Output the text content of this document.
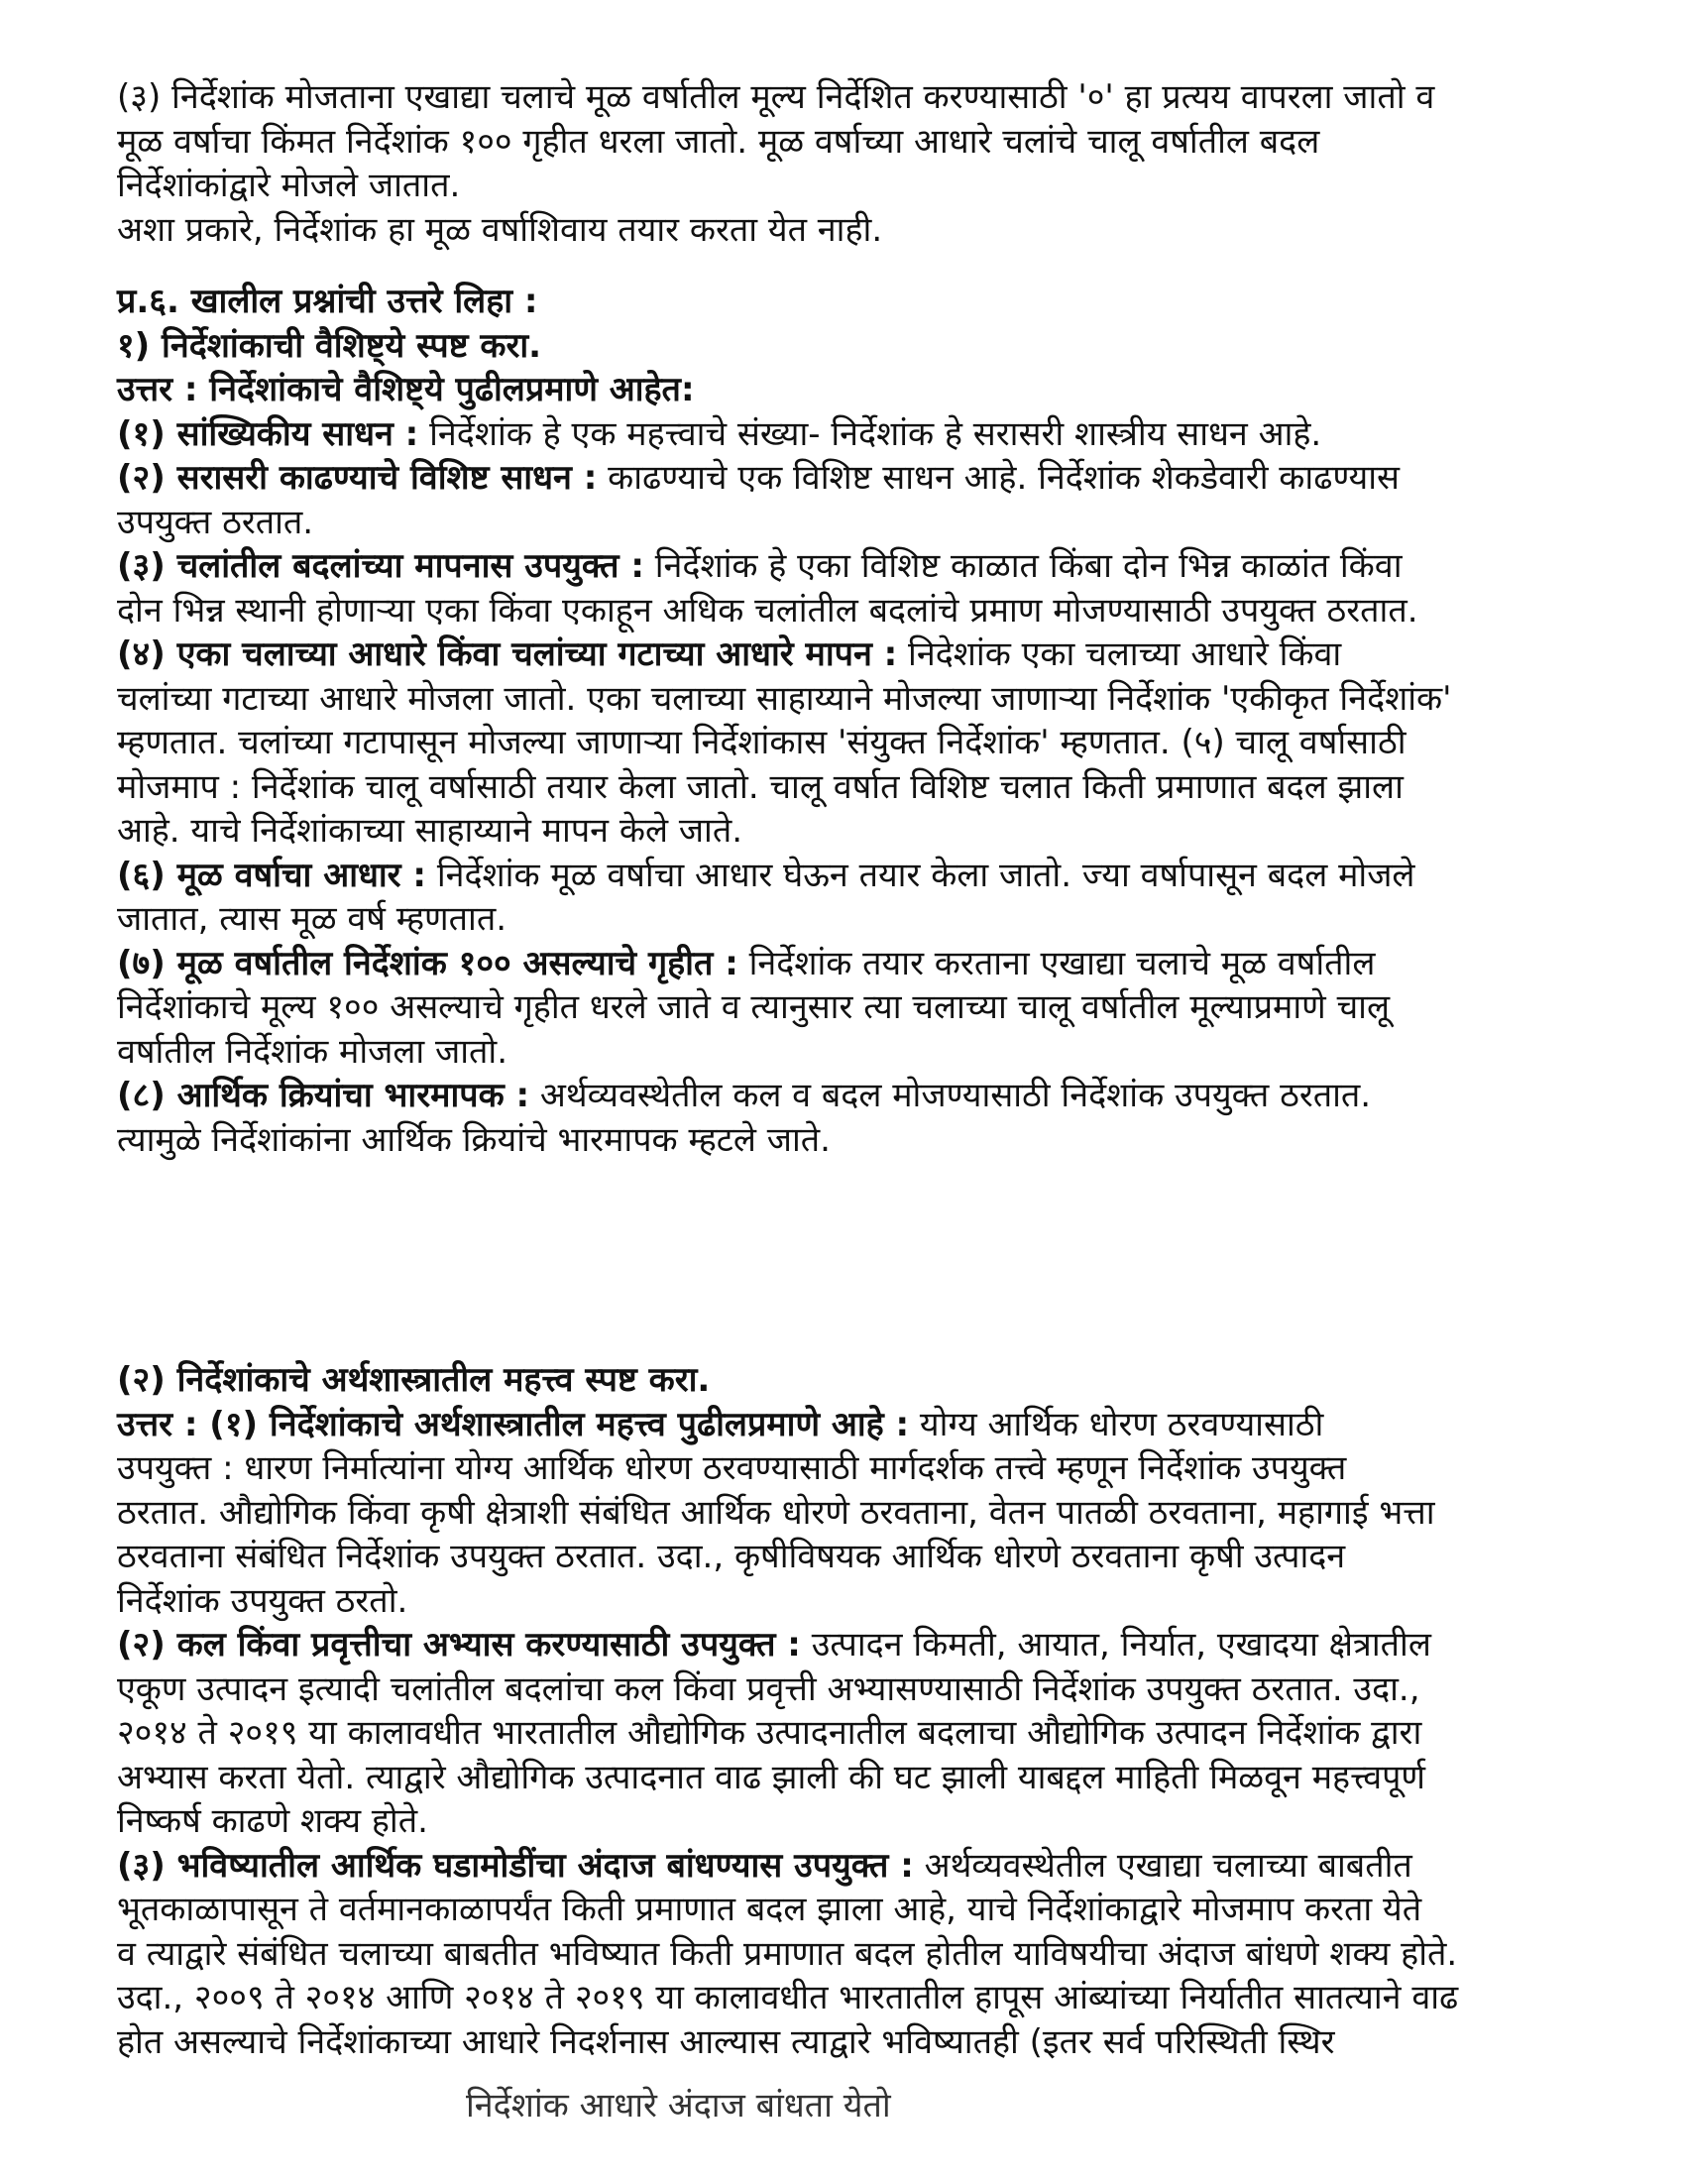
(३) निर्देशांक मोजताना एखाद्या चलाचे मूळ वर्षातील मूल्य निर्देशित करण्यासाठी '०' हा प्रत्यय वापरला जातो व

मूळ वर्षाचा किंमत निर्देशांक १०० गृहीत धरला जातो. मूळ वर्षाच्या आधारे चलांचे चालू वर्षातील बदल

निर्देशांकांद्वारे मोजले जातात.

अशा प्रकारे, निर्देशांक हा मूळ वर्षाशिवाय तयार करता येत नाही.

प्र.६. खालील प्रश्नांची उत्तरे लिहा :

१) निर्देशांकाची वैशिष्ट्ये स्पष्ट करा.

उत्तर : निर्देशांकाचे वैशिष्ट्ये पुढीलप्रमाणे आहेत:

(१) सांख्यिकीय साधन : निर्देशांक हे एक महत्त्वाचे संख्या- निर्देशांक हे सरासरी शास्त्रीय साधन आहे.

(२) सरासरी काढण्याचे विशिष्ट साधन : काढण्याचे एक विशिष्ट साधन आहे. निर्देशांक शेकडेवारी काढण्यास

उपयुक्त ठरतात.

(३) चलांतील बदलांच्या मापनास उपयुक्त : निर्देशांक हे एका विशिष्ट काळात किंबा दोन भिन्न काळांत किंवा

दोन भिन्न स्थानी होणाऱ्या एका किंवा एकाहून अधिक चलांतील बदलांचे प्रमाण मोजण्यासाठी उपयुक्त ठरतात.

(४) एका चलाच्या आधारे किंवा चलांच्या गटाच्या आधारे मापन : निदेशांक एका चलाच्या आधारे किंवा

चलांच्या गटाच्या आधारे मोजला जातो. एका चलाच्या साहाय्याने मोजल्या जाणाऱ्या निर्देशांक 'एकीकृत निर्देशांक'

म्हणतात. चलांच्या गटापासून मोजल्या जाणाऱ्या निर्देशांकास 'संयुक्त निर्देशांक' म्हणतात. (५) चालू वर्षासाठी

मोजमाप : निर्देशांक चालू वर्षासाठी तयार केला जातो. चालू वर्षात विशिष्ट चलात किती प्रमाणात बदल झाला

आहे. याचे निर्देशांकाच्या साहाय्याने मापन केले जाते.

(६) मूळ वर्षाचा आधार : निर्देशांक मूळ वर्षाचा आधार घेऊन तयार केला जातो. ज्या वर्षापासून बदल मोजले

जातात, त्यास मूळ वर्ष म्हणतात.

(७) मूळ वर्षातील निर्देशांक १०० असल्याचे गृहीत : निर्देशांक तयार करताना एखाद्या चलाचे मूळ वर्षातील

निर्देशांकाचे मूल्य १०० असल्याचे गृहीत धरले जाते व त्यानुसार त्या चलाच्या चालू वर्षातील मूल्याप्रमाणे चालू

वर्षातील निर्देशांक मोजला जातो.

(८) आर्थिक क्रियांचा भारमापक : अर्थव्यवस्थेतील कल व बदल मोजण्यासाठी निर्देशांक उपयुक्त ठरतात.

त्यामुळे निर्देशांकांना आर्थिक क्रियांचे भारमापक म्हटले जाते.

(२) निर्देशांकाचे अर्थशास्त्रातील महत्त्व स्पष्ट करा.

उत्तर : (१) निर्देशांकाचे अर्थशास्त्रातील महत्त्व पुढीलप्रमाणे आहे : योग्य आर्थिक धोरण ठरवण्यासाठी

उपयुक्त : धारण निर्मात्यांना योग्य आर्थिक धोरण ठरवण्यासाठी मार्गदर्शक तत्त्वे म्हणून निर्देशांक उपयुक्त

ठरतात. औद्योगिक किंवा कृषी क्षेत्राशी संबंधित आर्थिक धोरणे ठरवताना, वेतन पातळी ठरवताना, महागाई भत्ता

ठरवताना संबंधित निर्देशांक उपयुक्त ठरतात. उदा., कृषीविषयक आर्थिक धोरणे ठरवताना कृषी उत्पादन

निर्देशांक उपयुक्त ठरतो.

(२) कल किंवा प्रवृत्तीचा अभ्यास करण्यासाठी उपयुक्त : उत्पादन किमती, आयात, निर्यात, एखादया क्षेत्रातील

एकूण उत्पादन इत्यादी चलांतील बदलांचा कल किंवा प्रवृत्ती अभ्यासण्यासाठी निर्देशांक उपयुक्त ठरतात. उदा.,

२०१४ ते २०१९ या कालावधीत भारतातील औद्योगिक उत्पादनातील बदलाचा औद्योगिक उत्पादन निर्देशांक द्वारा

अभ्यास करता येतो. त्याद्वारे औद्योगिक उत्पादनात वाढ झाली की घट झाली याबद्दल माहिती मिळवून महत्त्वपूर्ण

निष्कर्ष काढणे शक्य होते.

(३) भविष्यातील आर्थिक घडामोडींचा अंदाज बांधण्यास उपयुक्त : अर्थव्यवस्थेतील एखाद्या चलाच्या बाबतीत

भूतकाळापासून ते वर्तमानकाळापर्यंत किती प्रमाणात बदल झाला आहे, याचे निर्देशांकाद्वारे मोजमाप करता येते

व त्याद्वारे संबंधित चलाच्या बाबतीत भविष्यात किती प्रमाणात बदल होतील याविषयीचा अंदाज बांधणे शक्य होते.

उदा., २००९ ते २०१४ आणि २०१४ ते २०१९ या कालावधीत भारतातील हापूस आंब्यांच्या निर्यातीत सातत्याने वाढ

होत असल्याचे निर्देशांकाच्या आधारे निदर्शनास आल्यास त्याद्वारे भविष्यातही (इतर सर्व परिस्थिती स्थिर

निर्देशांक आधारे अंदाज बांधता येतो
